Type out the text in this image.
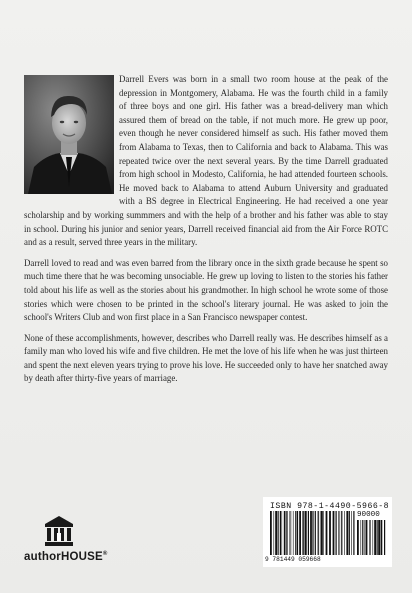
Darrell Evers was born in a small two room house at the peak of the depression in Montgomery, Alabama. He was the fourth child in a family of three boys and one girl. His father was a bread-delivery man which assured them of bread on the table, if not much more. He grew up poor, even though he never considered himself as such. His father moved them from Alabama to Texas, then to California and back to Alabama. This was repeated twice over the next several years. By the time Darrell graduated from high school in Modesto, California, he had attended fourteen schools. He moved back to Alabama to attend Auburn University and graduated with a BS degree in Electrical Engineering. He had received a one year scholarship and by working summmers and with the help of a brother and his father was able to stay in school. During his junior and senior years, Darrell received financial aid from the Air Force ROTC and as a result, served three years in the military.

Darrell loved to read and was even barred from the library once in the sixth grade because he spent so much time there that he was becoming unsociable. He grew up loving to listen to the stories his father told about his life as well as the stories about his grandmother. In high school he wrote some of those stories which were chosen to be printed in the school's literary journal. He was asked to join the school's Writers Club and won first place in a San Francisco newspaper contest.

None of these accomplishments, however, describes who Darrell really was. He describes himself as a family man who loved his wife and five children. He met the love of his life when he was just thirteen and spent the next eleven years trying to prove his love. He succeeded only to have her snatched away by death after thirty-five years of marriage.

authorHOUSE®
ISBN 978-1-4490-5966-8
90000
9 781449 059668
